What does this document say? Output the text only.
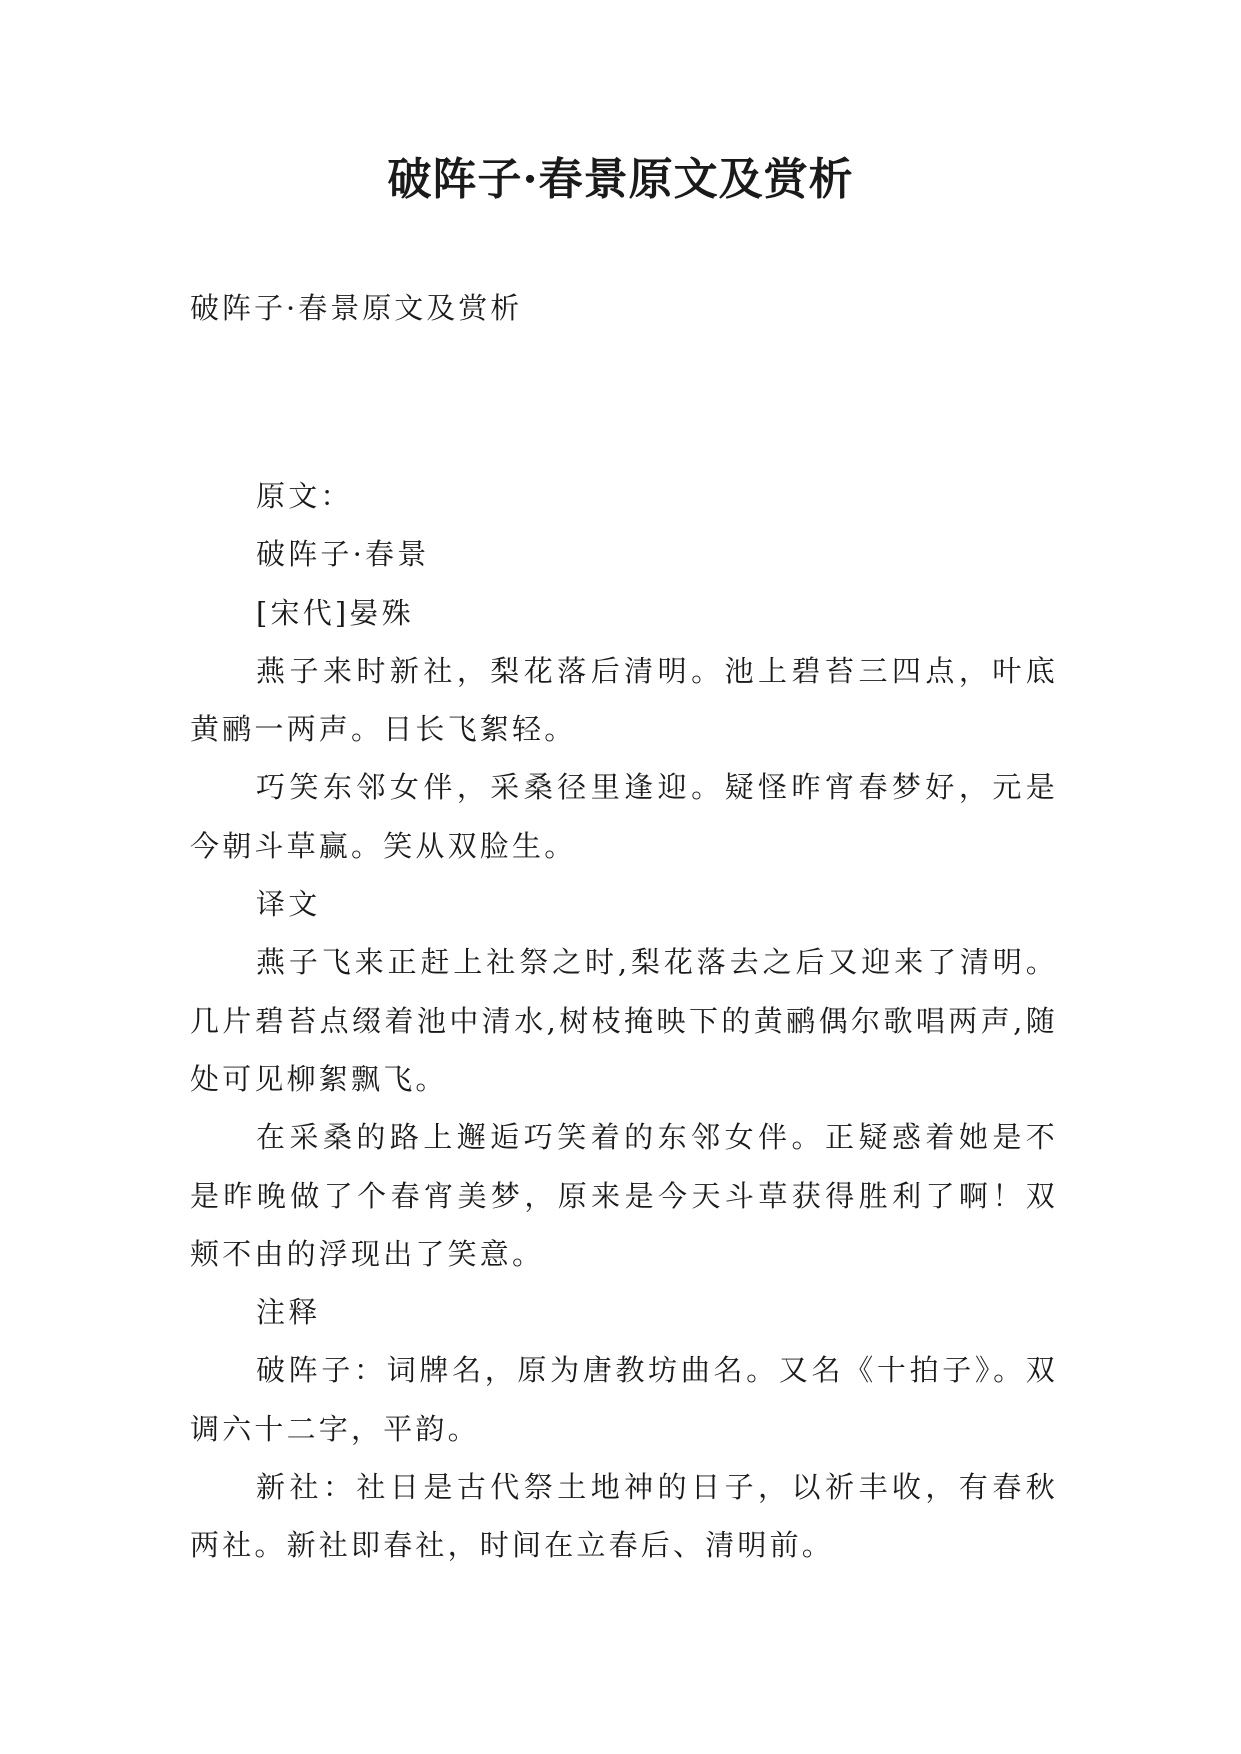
破阵子·春景原文及赏析

破阵子·春景原文及赏析

原文：

破阵子·春景

[宋代]晏殊

燕子来时新社，梨花落后清明。池上碧苔三四点，叶底黄鹂一两声。日长飞絮轻。

巧笑东邻女伴，采桑径里逢迎。疑怪昨宵春梦好，元是今朝斗草赢。笑从双脸生。

译文

燕子飞来正赶上社祭之时,梨花落去之后又迎来了清明。几片碧苔点缀着池中清水,树枝掩映下的黄鹂偶尔歌唱两声,随处可见柳絮飘飞。

在采桑的路上邂逅巧笑着的东邻女伴。正疑惑着她是不是昨晚做了个春宵美梦，原来是今天斗草获得胜利了啊！双颊不由的浮现出了笑意。

注释

破阵子：词牌名，原为唐教坊曲名。又名《十拍子》。双调六十二字，平韵。

新社：社日是古代祭土地神的日子，以祈丰收，有春秋两社。新社即春社，时间在立春后、清明前。
